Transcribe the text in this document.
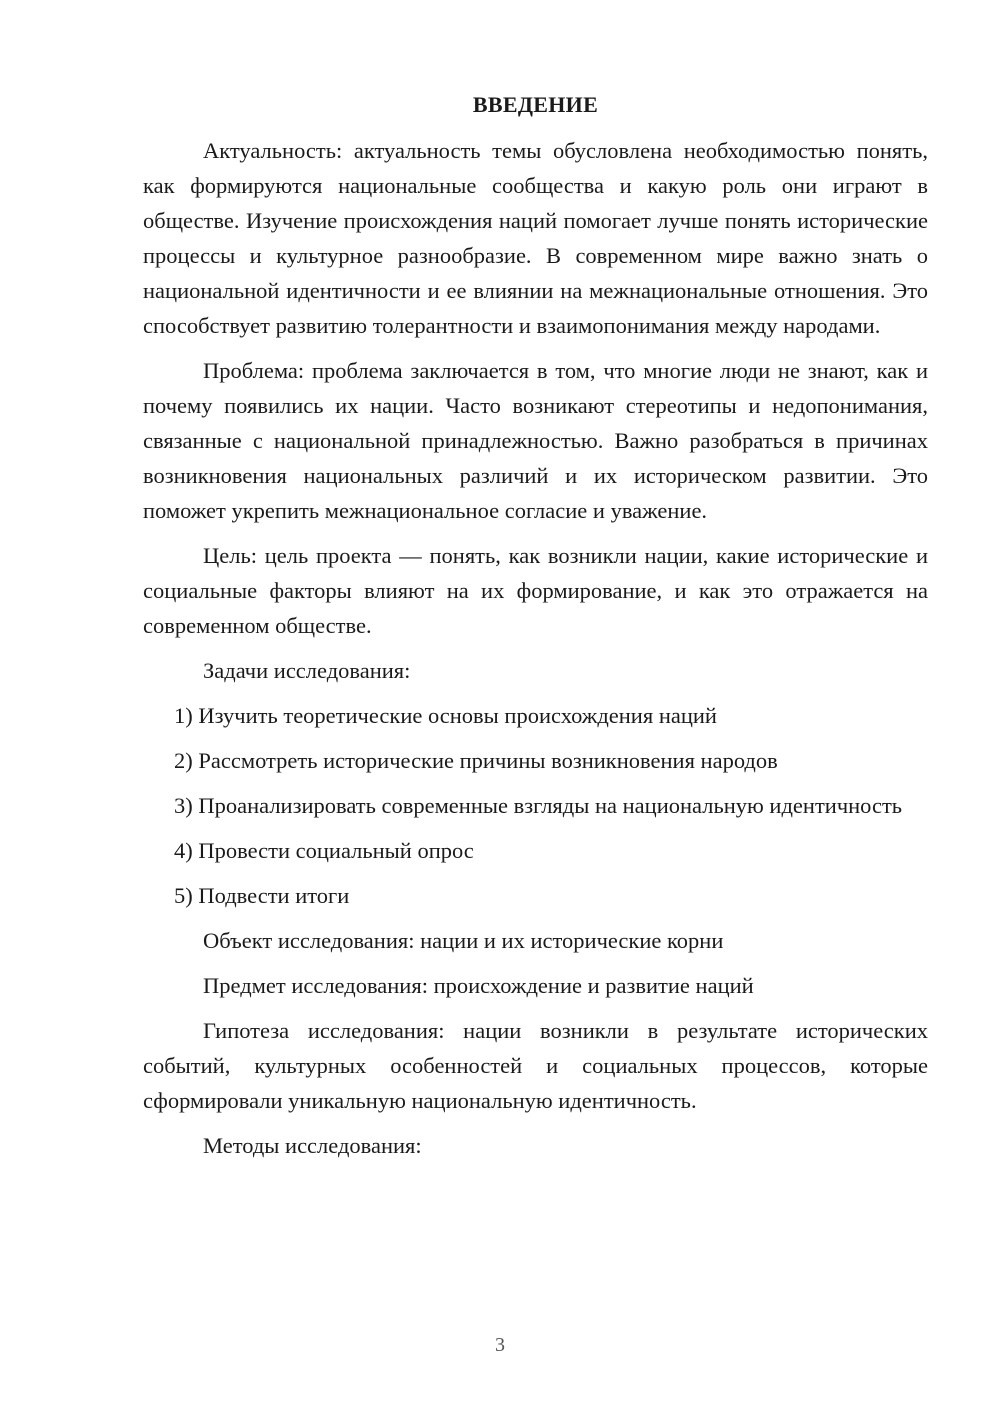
ВВЕДЕНИЕ

Актуальность: актуальность темы обусловлена необходимостью понять, как формируются национальные сообщества и какую роль они играют в обществе. Изучение происхождения наций помогает лучше понять исторические процессы и культурное разнообразие. В современном мире важно знать о национальной идентичности и ее влиянии на межнациональные отношения. Это способствует развитию толерантности и взаимопонимания между народами.

Проблема: проблема заключается в том, что многие люди не знают, как и почему появились их нации. Часто возникают стереотипы и недопонимания, связанные с национальной принадлежностью. Важно разобраться в причинах возникновения национальных различий и их историческом развитии. Это поможет укрепить межнациональное согласие и уважение.

Цель: цель проекта — понять, как возникли нации, какие исторические и социальные факторы влияют на их формирование, и как это отражается на современном обществе.

Задачи исследования:

1) Изучить теоретические основы происхождения наций

2) Рассмотреть исторические причины возникновения народов

3) Проанализировать современные взгляды на национальную идентичность

4) Провести социальный опрос

5) Подвести итоги

Объект исследования: нации и их исторические корни

Предмет исследования: происхождение и развитие наций

Гипотеза исследования: нации возникли в результате исторических событий, культурных особенностей и социальных процессов, которые сформировали уникальную национальную идентичность.

Методы исследования:

3
